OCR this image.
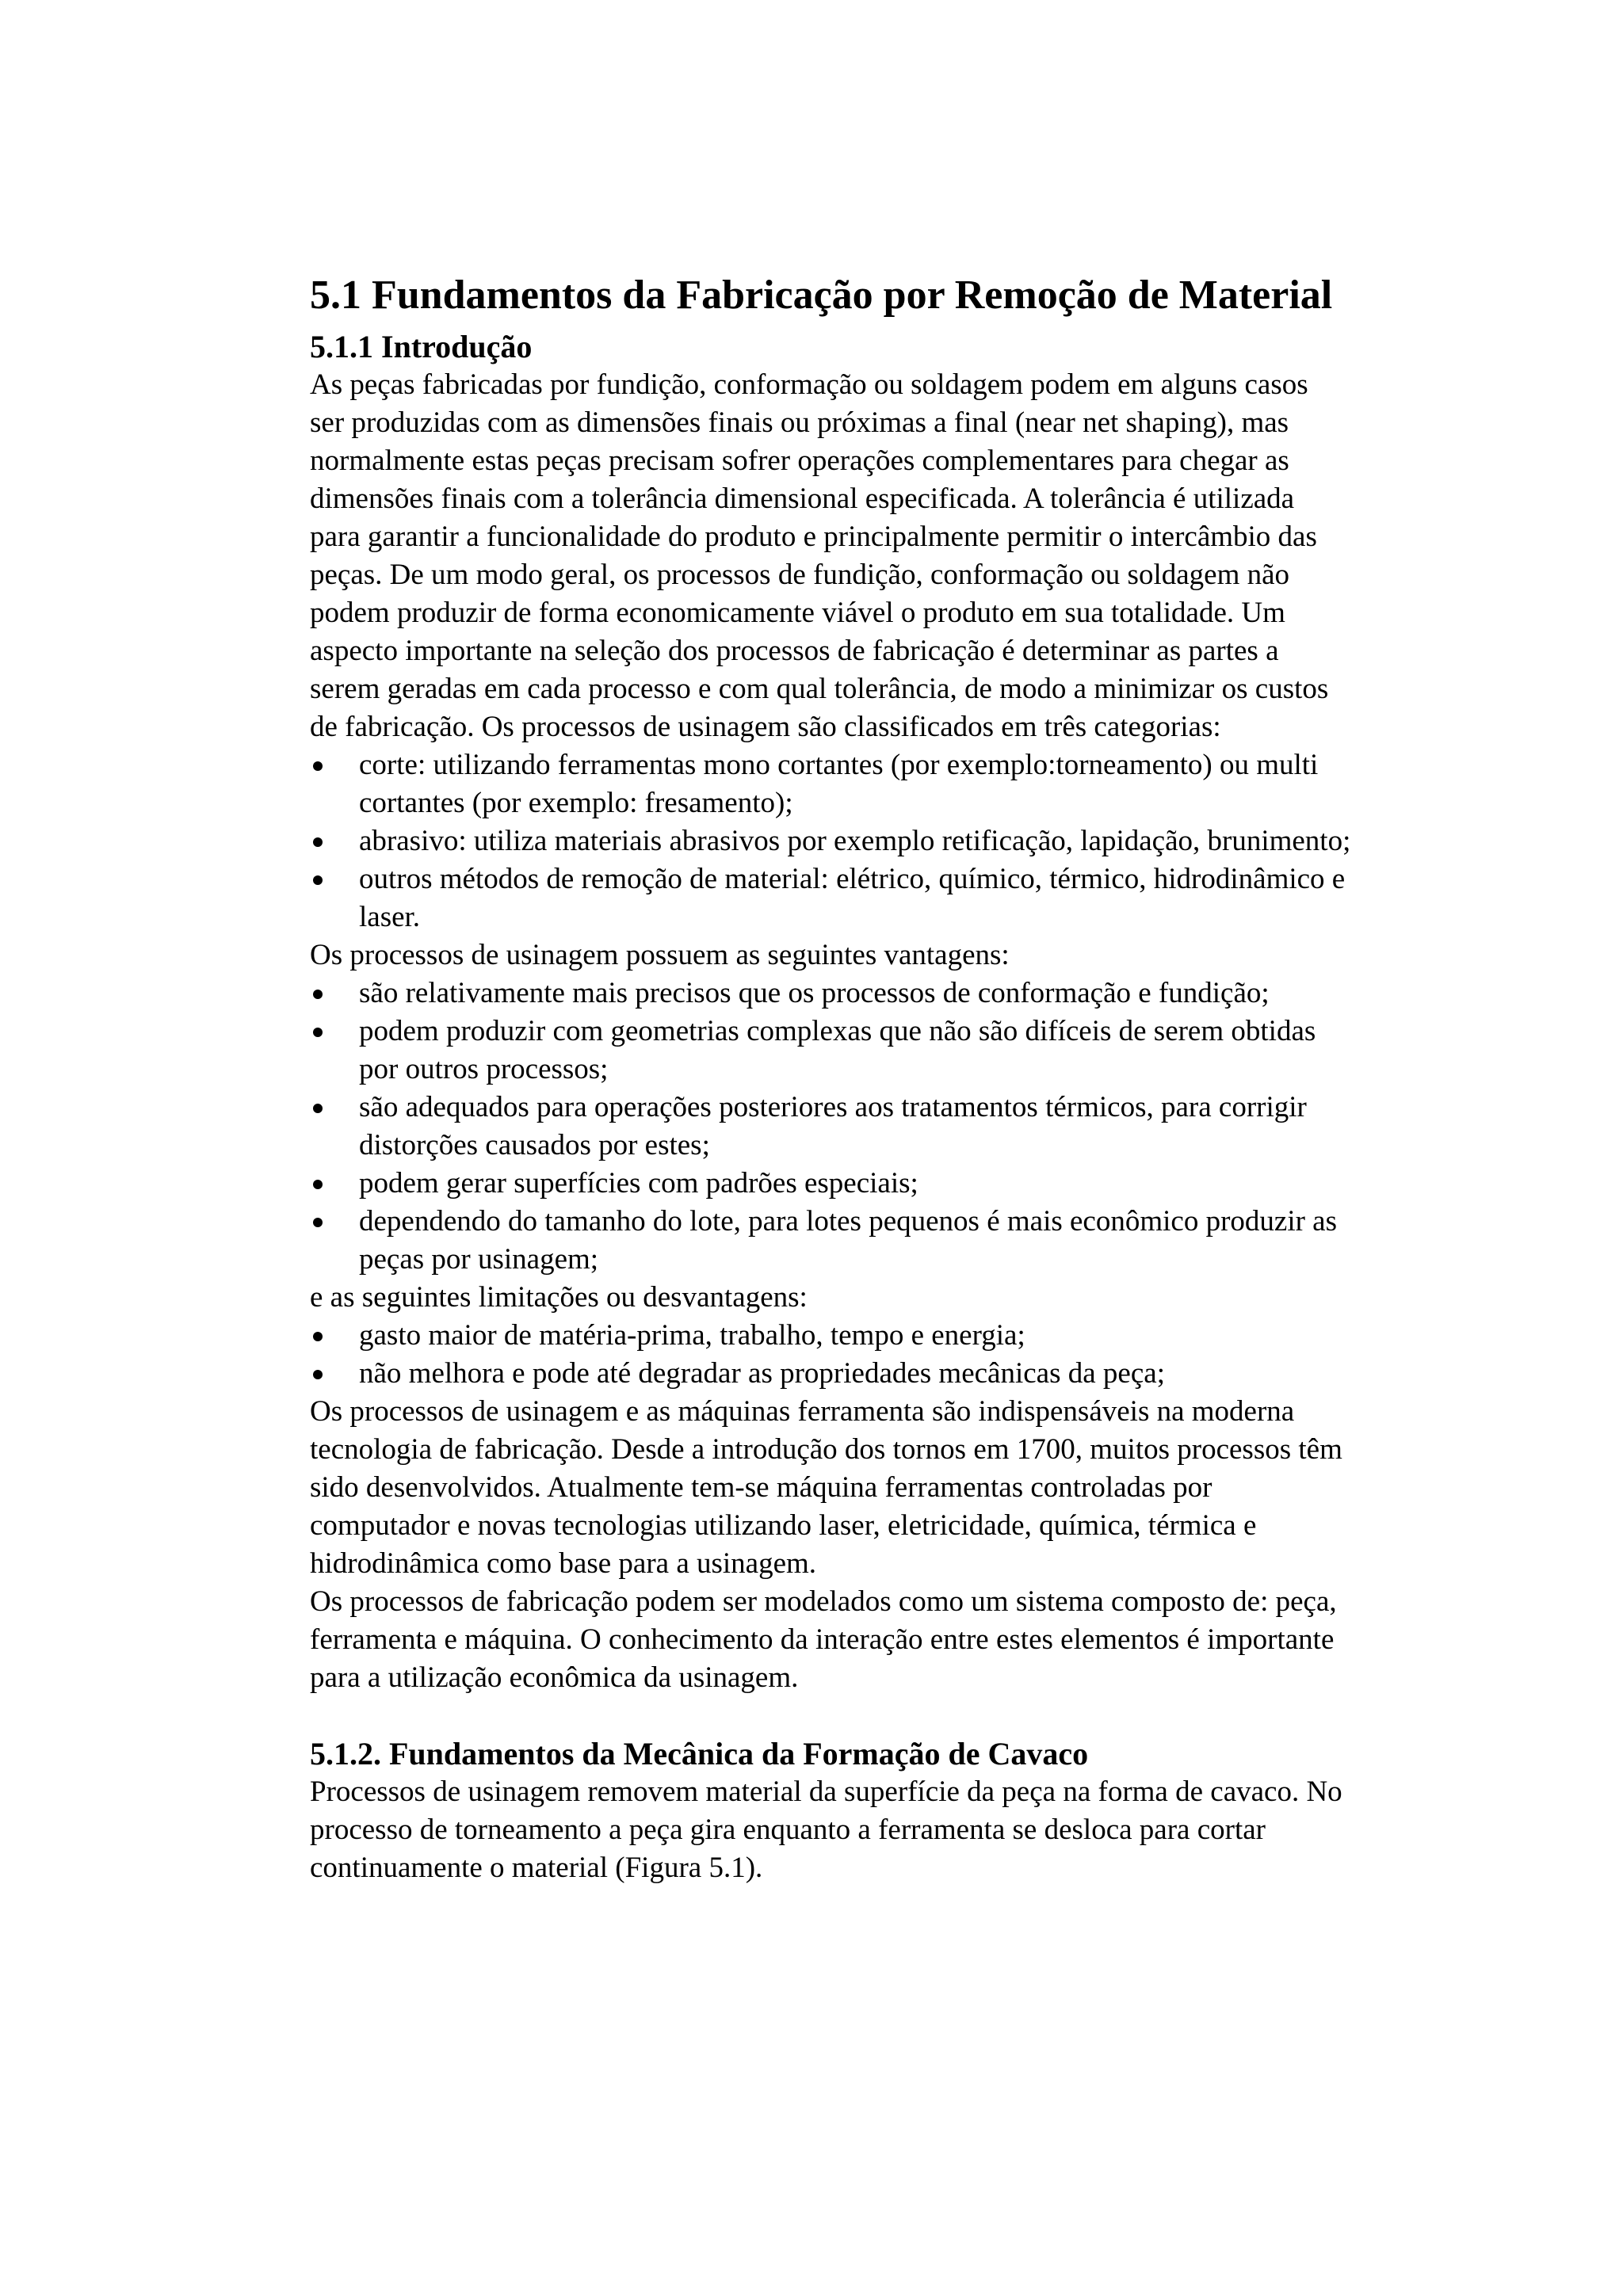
5.1 Fundamentos da Fabricação por Remoção de Material
5.1.1 Introdução

As peças fabricadas por fundição, conformação ou soldagem podem em alguns casos
ser produzidas com as dimensões finais ou próximas a final (near net shaping), mas
normalmente estas peças precisam sofrer operações complementares para chegar as
dimensões finais com a tolerância dimensional especificada. A tolerância é utilizada
para garantir a funcionalidade do produto e principalmente permitir o intercâmbio das
peças. De um modo geral, os processos de fundição, conformação ou soldagem não
podem produzir de forma economicamente viável o produto em sua totalidade. Um
aspecto importante na seleção dos processos de fabricação é determinar as partes a
serem geradas em cada processo e com qual tolerância, de modo a minimizar os custos
de fabricação. Os processos de usinagem são classificados em três categorias:

corte: utilizando ferramentas mono cortantes (por exemplo:torneamento) ou multi
cortantes (por exemplo: fresamento);
abrasivo: utiliza materiais abrasivos por exemplo retificação, lapidação, brunimento;
outros métodos de remoção de material: elétrico, químico, térmico, hidrodinâmico e
laser.

Os processos de usinagem possuem as seguintes vantagens:

são relativamente mais precisos que os processos de conformação e fundição;
podem produzir com geometrias complexas que não são difíceis de serem obtidas
por outros processos;
são adequados para operações posteriores aos tratamentos térmicos, para corrigir
distorções causados por estes;
podem gerar superfícies com padrões especiais;
dependendo do tamanho do lote, para lotes pequenos é mais econômico produzir as
peças por usinagem;

e as seguintes limitações ou desvantagens:

gasto maior de matéria-prima, trabalho, tempo e energia;
não melhora e pode até degradar as propriedades mecânicas da peça;

Os processos de usinagem e as máquinas ferramenta são indispensáveis na moderna
tecnologia de fabricação. Desde a introdução dos tornos em 1700, muitos processos têm
sido desenvolvidos. Atualmente tem-se máquina ferramentas controladas por
computador e novas tecnologias utilizando laser, eletricidade, química, térmica e
hidrodinâmica como base para a usinagem.

Os processos de fabricação podem ser modelados como um sistema composto de: peça,
ferramenta e máquina. O conhecimento da interação entre estes elementos é importante
para a utilização econômica da usinagem.

5.1.2. Fundamentos da Mecânica da Formação de Cavaco

Processos de usinagem removem material da superfície da peça na forma de cavaco. No
processo de torneamento a peça gira enquanto a ferramenta se desloca para cortar
continuamente o material (Figura 5.1).
